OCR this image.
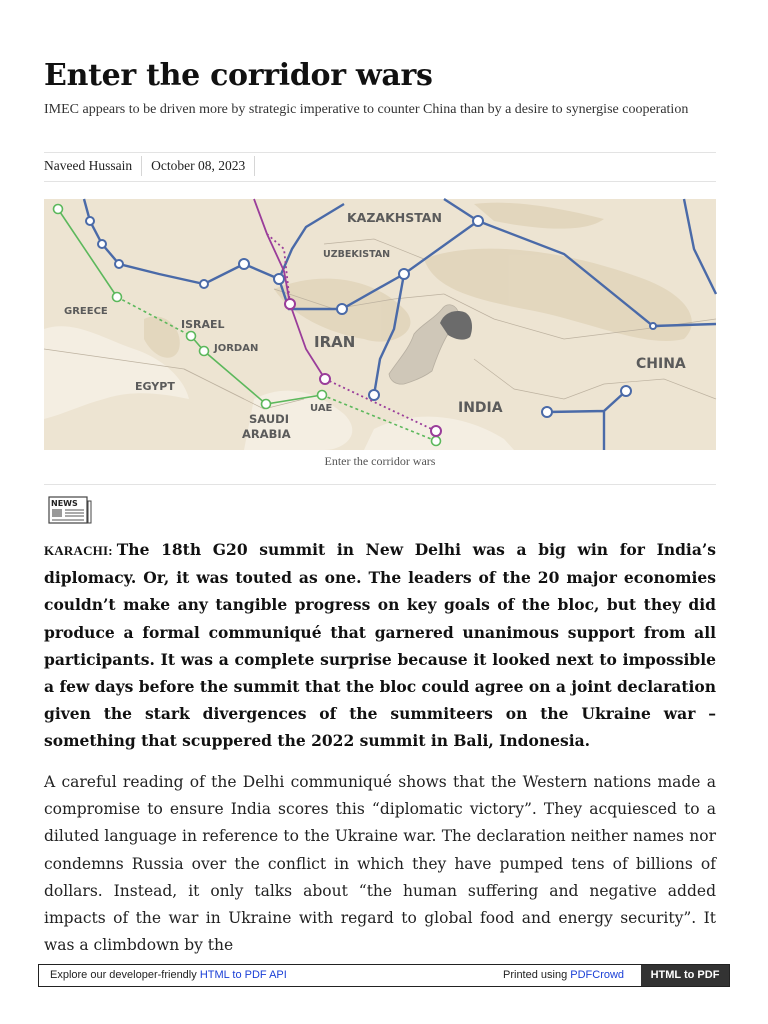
Enter the corridor wars

IMEC appears to be driven more by strategic imperative to counter China than by a desire to synergise cooperation

Naveed Hussain October 08, 2023
KAZAKHSTAN
UZBEKISTAN
GREECE
ISRAEL
JORDAN	IRAN
EGYPT
SAUDI
ARABIA
UAE	INDIA
CHINA
Enter the corridor wars
NEWS

KARACHI: The 18th G20 summit in New Delhi was a big win for India’s diplomacy. Or, it was touted as one. The leaders of the 20 major economies couldn’t make any tangible progress on key goals of the bloc, but they did produce a formal communiqué that garnered unanimous support from all participants. It was a complete surprise because it looked next to impossible a few days before the summit that the bloc could agree on a joint declaration given the stark divergences of the summiteers on the Ukraine war – something that scuppered the 2022 summit in Bali, Indonesia.

A careful reading of the Delhi communiqué shows that the Western nations made a compromise to ensure India scores this “diplomatic victory”. They acquiesced to a diluted language in reference to the Ukraine war. The declaration neither names nor condemns Russia over the conflict in which they have pumped tens of billions of dollars. Instead, it only talks about “the human suffering and negative added impacts of the war in Ukraine with regard to global food and energy security”. It was a climbdown by the

Explore our developer-friendly HTML to PDF API	Printed using PDFCrowd	HTML to PDF
